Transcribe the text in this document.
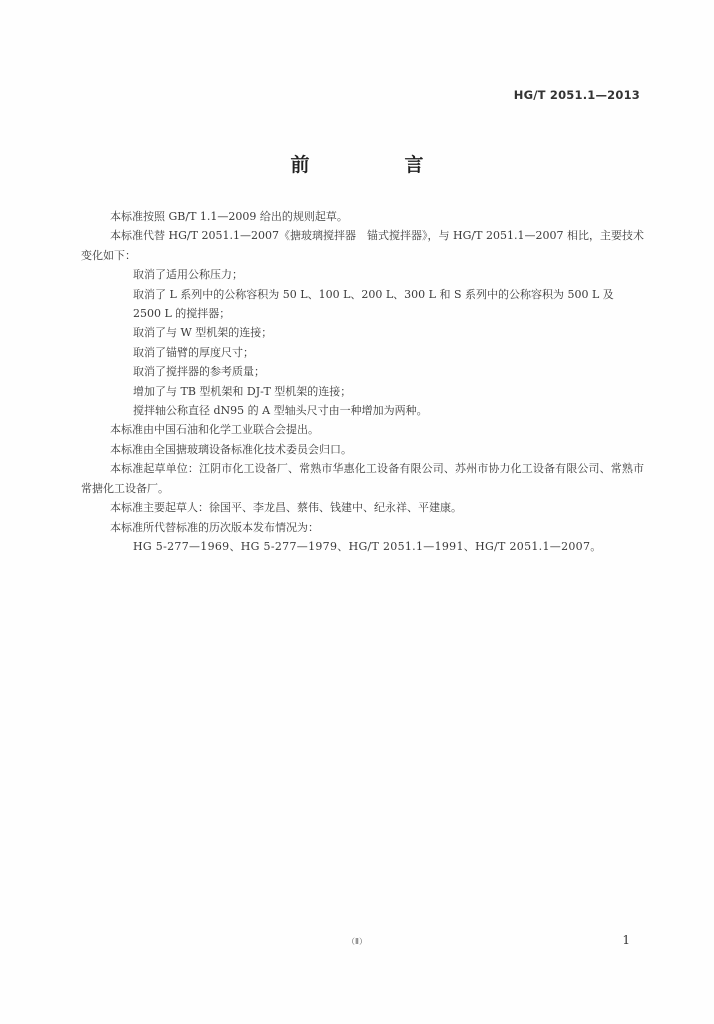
HG/T 2051.1—2013
前　言

本标准按照 GB/T 1.1—2009 给出的规则起草。

本标准代替 HG/T 2051.1—2007《搪玻璃搅拌器　锚式搅拌器》，与 HG/T 2051.1—2007 相比，主要技术变化如下：

取消了适用公称压力；

取消了 L 系列中的公称容积为 50 L、100 L、200 L、300 L 和 S 系列中的公称容积为 500 L 及 2500 L 的搅拌器；

取消了与 W 型机架的连接；

取消了锚臂的厚度尺寸；

取消了搅拌器的参考质量；

增加了与 TB 型机架和 DJ-T 型机架的连接；

搅拌轴公称直径 dN95 的 A 型轴头尺寸由一种增加为两种。

本标准由中国石油和化学工业联合会提出。

本标准由全国搪玻璃设备标准化技术委员会归口。

本标准起草单位：江阴市化工设备厂、常熟市华惠化工设备有限公司、苏州市协力化工设备有限公司、常熟市常搪化工设备厂。

本标准主要起草人：徐国平、李龙昌、蔡伟、钱建中、纪永祥、平建康。

本标准所代替标准的历次版本发布情况为：

HG 5-277—1969、HG 5-277—1979、HG/T 2051.1—1991、HG/T 2051.1—2007。

（Ⅱ）	1
